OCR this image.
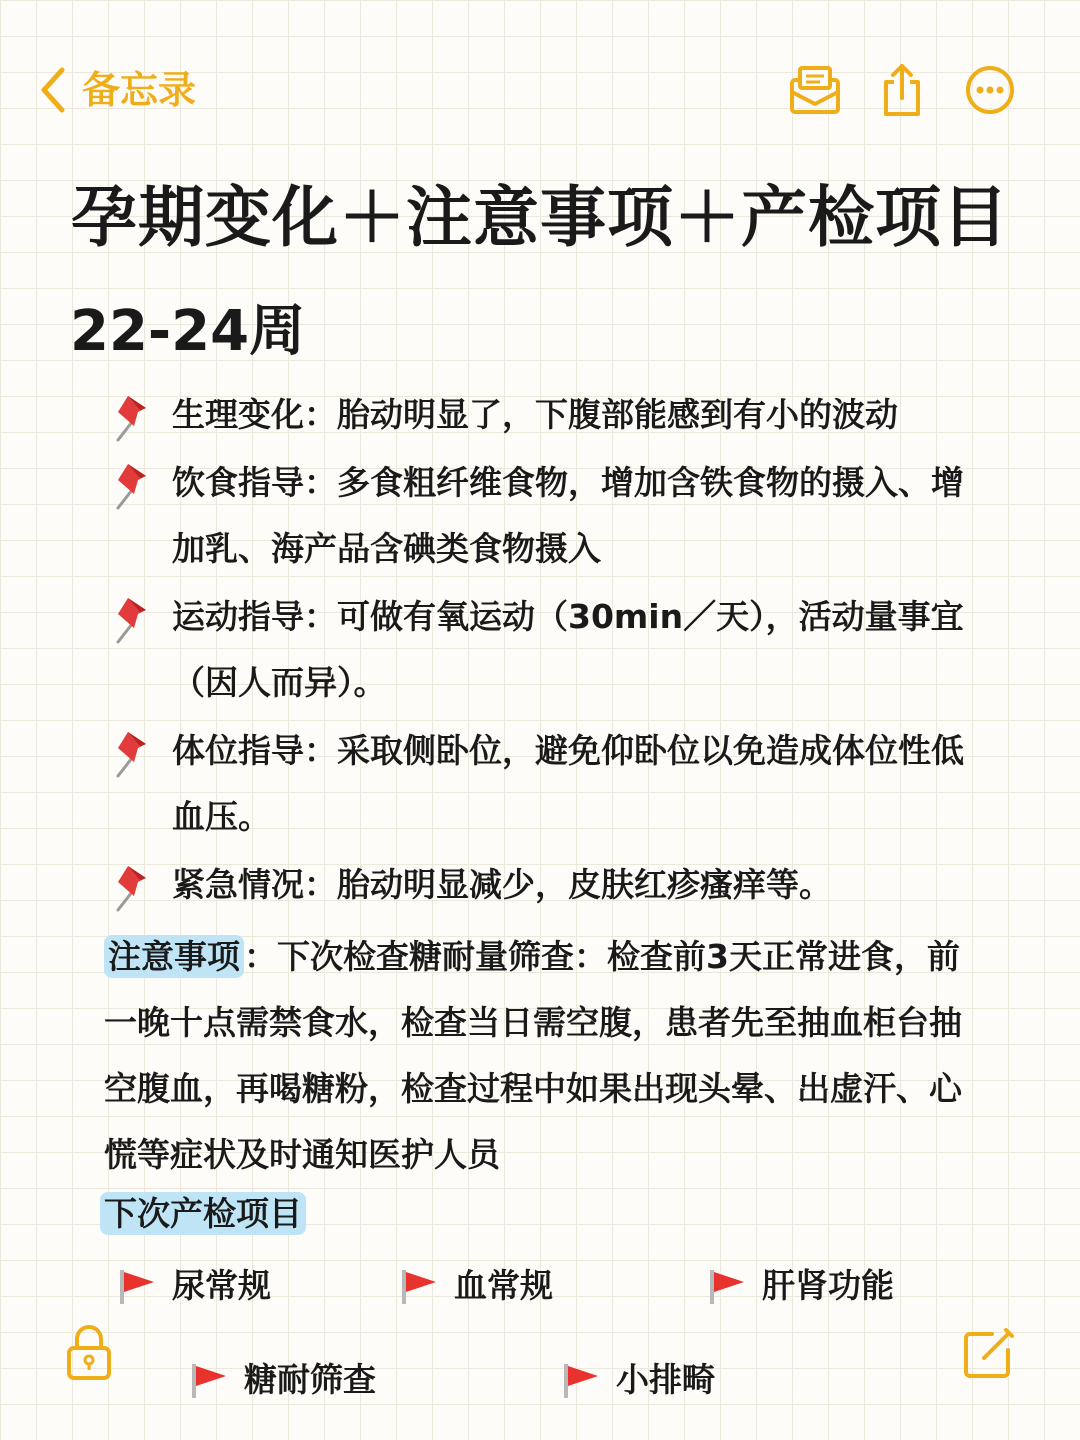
备忘录
孕期变化＋注意事项＋产检项目
22-24周
生理变化：胎动明显了，下腹部能感到有小的波动
饮食指导：多食粗纤维食物，增加含铁食物的摄入、增加乳、海产品含碘类食物摄入
运动指导：可做有氧运动（30min／天），活动量事宜（因人而异）。
体位指导：采取侧卧位，避免仰卧位以免造成体位性低血压。
紧急情况：胎动明显减少，皮肤红疹瘙痒等。

注意事项 ：下次检查糖耐量筛查：检查前3天正常进食，前一晚十点需禁食水，检查当日需空腹，患者先至抽血柜台抽空腹血，再喝糖粉，检查过程中如果出现头晕、出虚汗、心慌等症状及时通知医护人员

下次产检项目
尿常规	血常规	肝肾功能
糖耐筛查	小排畸
